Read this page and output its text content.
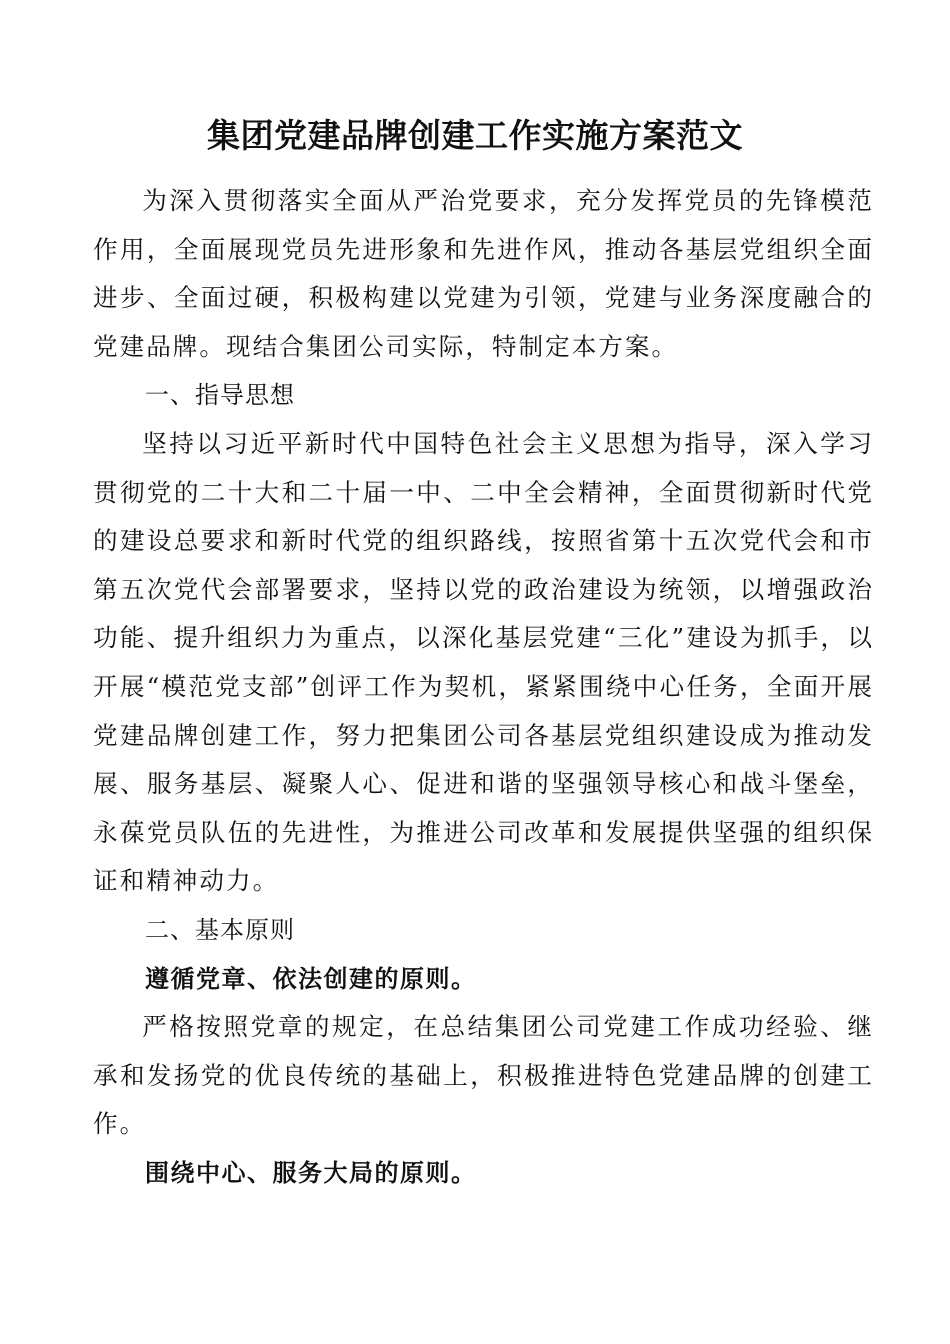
集团党建品牌创建工作实施方案范文

为深入贯彻落实全面从严治党要求，充分发挥党员的先锋模范作用，全面展现党员先进形象和先进作风，推动各基层党组织全面进步、全面过硬，积极构建以党建为引领，党建与业务深度融合的党建品牌。现结合集团公司实际，特制定本方案。

一、指导思想

坚持以习近平新时代中国特色社会主义思想为指导，深入学习贯彻党的二十大和二十届一中、二中全会精神，全面贯彻新时代党的建设总要求和新时代党的组织路线，按照省第十五次党代会和市第五次党代会部署要求，坚持以党的政治建设为统领，以增强政治功能、提升组织力为重点，以深化基层党建“三化”建设为抓手，以开展“模范党支部”创评工作为契机，紧紧围绕中心任务，全面开展党建品牌创建工作，努力把集团公司各基层党组织建设成为推动发展、服务基层、凝聚人心、促进和谐的坚强领导核心和战斗堡垒，永葆党员队伍的先进性，为推进公司改革和发展提供坚强的组织保证和精神动力。

二、基本原则

遵循党章、依法创建的原则。

严格按照党章的规定，在总结集团公司党建工作成功经验、继承和发扬党的优良传统的基础上，积极推进特色党建品牌的创建工作。

围绕中心、服务大局的原则。
